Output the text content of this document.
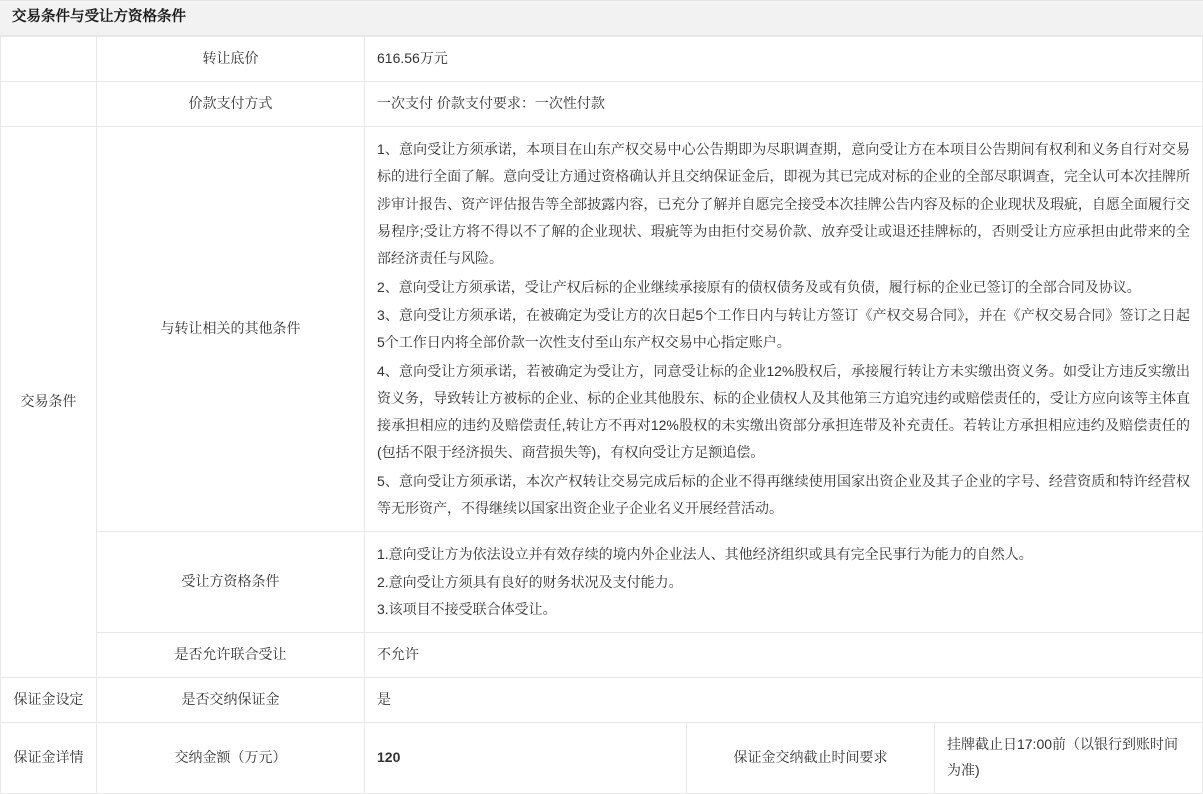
交易条件与受让方资格条件
	转让底价	616.56万元		
	价款支付方式	一次支付 价款支付要求：一次性付款		
交易条件	与转让相关的其他条件	1、意向受让方须承诺，本项目在山东产权交易中心公告期即为尽职调查期，意向受让方在本项目公告期间有权利和义务自行对交易标的进行全面了解。意向受让方通过资格确认并且交纳保证金后，即视为其已完成对标的企业的全部尽职调查，完全认可本次挂牌所涉审计报告、资产评估报告等全部披露内容，已充分了解并自愿完全接受本次挂牌公告内容及标的企业现状及瑕疵，自愿全面履行交易程序;受让方将不得以不了解的企业现状、瑕疵等为由拒付交易价款、放弃受让或退还挂牌标的，否则受让方应承担由此带来的全部经济责任与风险。

2、意向受让方须承诺，受让产权后标的企业继续承接原有的债权债务及或有负债，履行标的企业已签订的全部合同及协议。

3、意向受让方须承诺，在被确定为受让方的次日起5个工作日内与转让方签订《产权交易合同》，并在《产权交易合同》签订之日起5个工作日内将全部价款一次性支付至山东产权交易中心指定账户。

4、意向受让方须承诺，若被确定为受让方，同意受让标的企业12%股权后，承接履行转让方未实缴出资义务。如受让方违反实缴出资义务，导致转让方被标的企业、标的企业其他股东、标的企业债权人及其他第三方追究违约或赔偿责任的，受让方应向该等主体直接承担相应的违约及赔偿责任,转让方不再对12%股权的未实缴出资部分承担连带及补充责任。若转让方承担相应违约及赔偿责任的(包括不限于经济损失、商营损失等)，有权向受让方足额追偿。

5、意向受让方须承诺，本次产权转让交易完成后标的企业不得再继续使用国家出资企业及其子企业的字号、经营资质和特许经营权等无形资产，不得继续以国家出资企业子企业名义开展经营活动。		

	受让方资格条件	1.意向受让方为依法设立并有效存续的境内外企业法人、其他经济组织或具有完全民事行为能力的自然人。

2.意向受让方须具有良好的财务状况及支付能力。

3.该项目不接受联合体受让。		

	是否允许联合受让	不允许		
保证金设定	是否交纳保证金	是		
保证金详情	交纳金额（万元）	120	保证金交纳截止时间要求	挂牌截止日17:00前（以银行到账时间为准)
